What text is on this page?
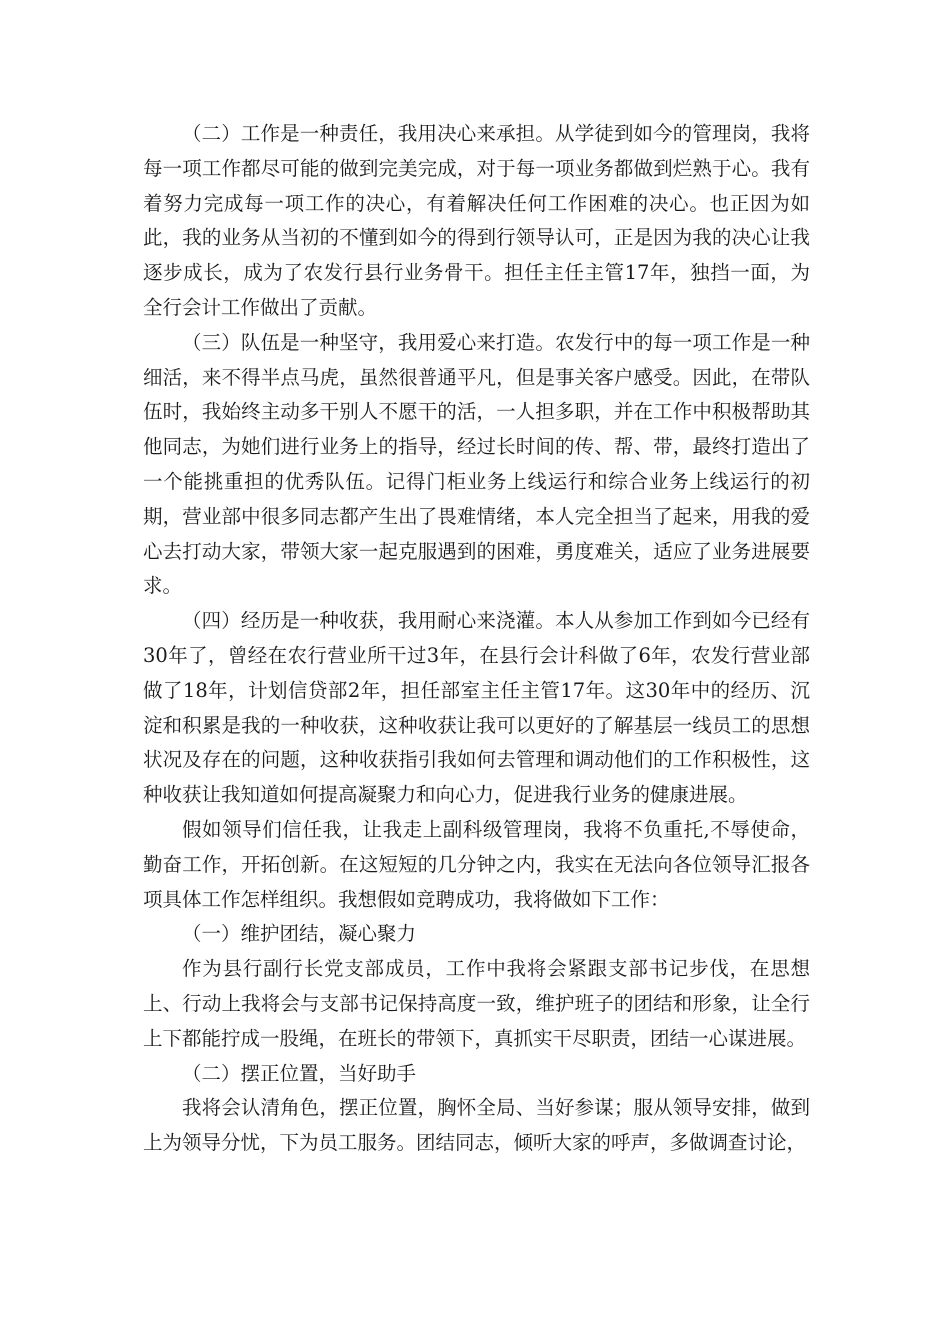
（二）工作是一种责任，我用决心来承担。从学徒到如今的管理岗，我将每一项工作都尽可能的做到完美完成，对于每一项业务都做到烂熟于心。我有着努力完成每一项工作的决心，有着解决任何工作困难的决心。也正因为如此，我的业务从当初的不懂到如今的得到行领导认可，正是因为我的决心让我逐步成长，成为了农发行县行业务骨干。担任主任主管17年，独挡一面，为全行会计工作做出了贡献。

（三）队伍是一种坚守，我用爱心来打造。农发行中的每一项工作是一种细活，来不得半点马虎，虽然很普通平凡，但是事关客户感受。因此，在带队伍时，我始终主动多干别人不愿干的活，一人担多职，并在工作中积极帮助其他同志，为她们进行业务上的指导，经过长时间的传、帮、带，最终打造出了一个能挑重担的优秀队伍。记得门柜业务上线运行和综合业务上线运行的初期，营业部中很多同志都产生出了畏难情绪，本人完全担当了起来，用我的爱心去打动大家，带领大家一起克服遇到的困难，勇度难关，适应了业务进展要求。

（四）经历是一种收获，我用耐心来浇灌。本人从参加工作到如今已经有30年了，曾经在农行营业所干过3年，在县行会计科做了6年，农发行营业部做了18年，计划信贷部2年，担任部室主任主管17年。这30年中的经历、沉淀和积累是我的一种收获，这种收获让我可以更好的了解基层一线员工的思想状况及存在的问题，这种收获指引我如何去管理和调动他们的工作积极性，这种收获让我知道如何提高凝聚力和向心力，促进我行业务的健康进展。

假如领导们信任我，让我走上副科级管理岗，我将不负重托,不辱使命，勤奋工作，开拓创新。在这短短的几分钟之内，我实在无法向各位领导汇报各项具体工作怎样组织。我想假如竞聘成功，我将做如下工作：

（一）维护团结，凝心聚力

作为县行副行长党支部成员，工作中我将会紧跟支部书记步伐，在思想上、行动上我将会与支部书记保持高度一致，维护班子的团结和形象，让全行上下都能拧成一股绳，在班长的带领下，真抓实干尽职责，团结一心谋进展。

（二）摆正位置，当好助手

我将会认清角色，摆正位置，胸怀全局、当好参谋；服从领导安排，做到上为领导分忧，下为员工服务。团结同志，倾听大家的呼声，多做调查讨论，
